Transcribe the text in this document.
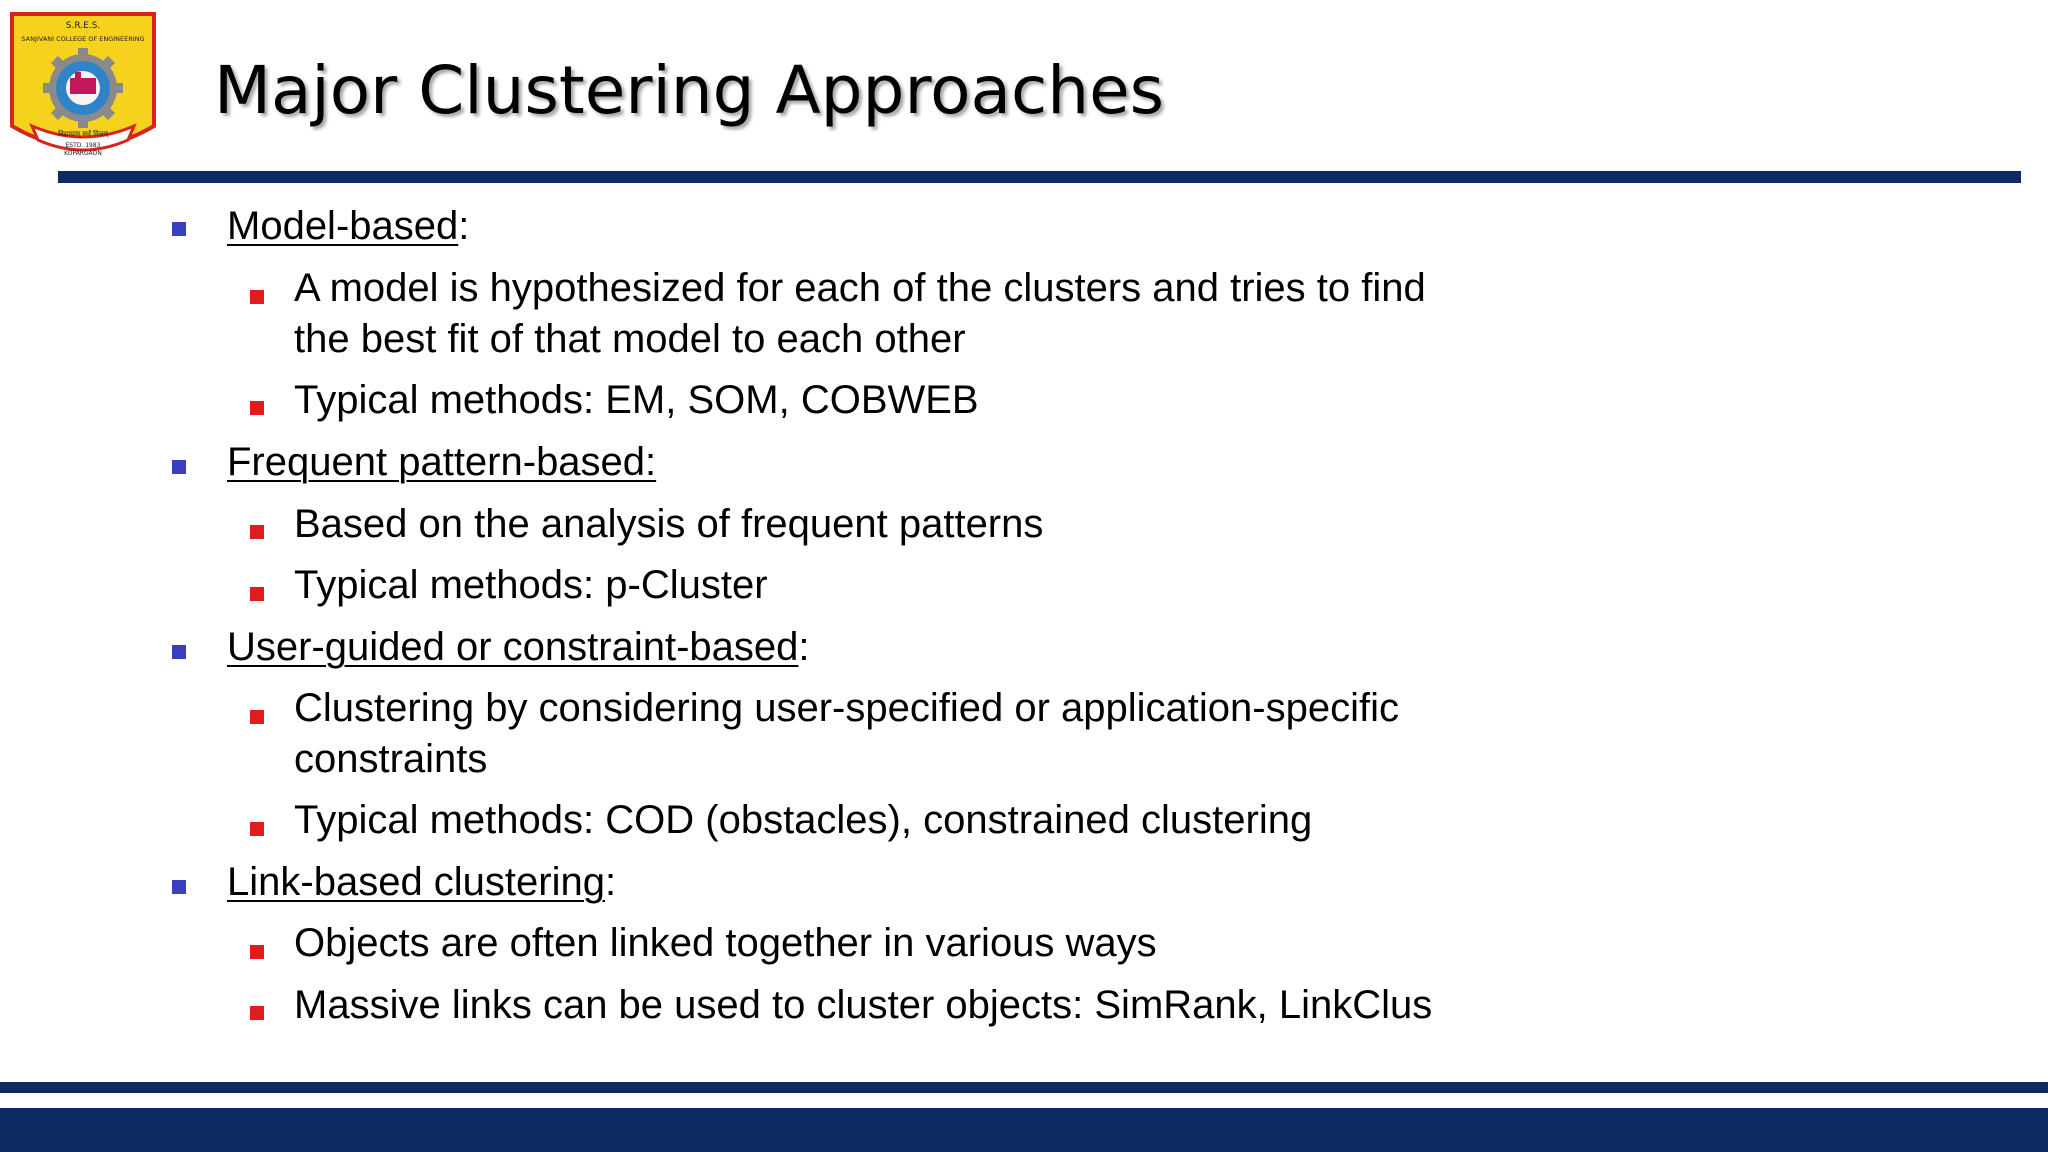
S.R.E.S.
SANJIVANI COLLEGE OF ENGINEERING
विद्यायाम् सर्वं वित्तम्
ESTD. 1983
KOPARGAON
Major Clustering Approaches
Model-based:
A model is hypothesized for each of the clusters and tries to find
the best fit of that model to each other
Typical methods: EM, SOM, COBWEB
Frequent pattern-based:
Based on the analysis of frequent patterns
Typical methods: p-Cluster
User-guided or constraint-based:
Clustering by considering user-specified or application-specific
constraints
Typical methods: COD (obstacles), constrained clustering
Link-based clustering:
Objects are often linked together in various ways
Massive links can be used to cluster objects: SimRank, LinkClus
